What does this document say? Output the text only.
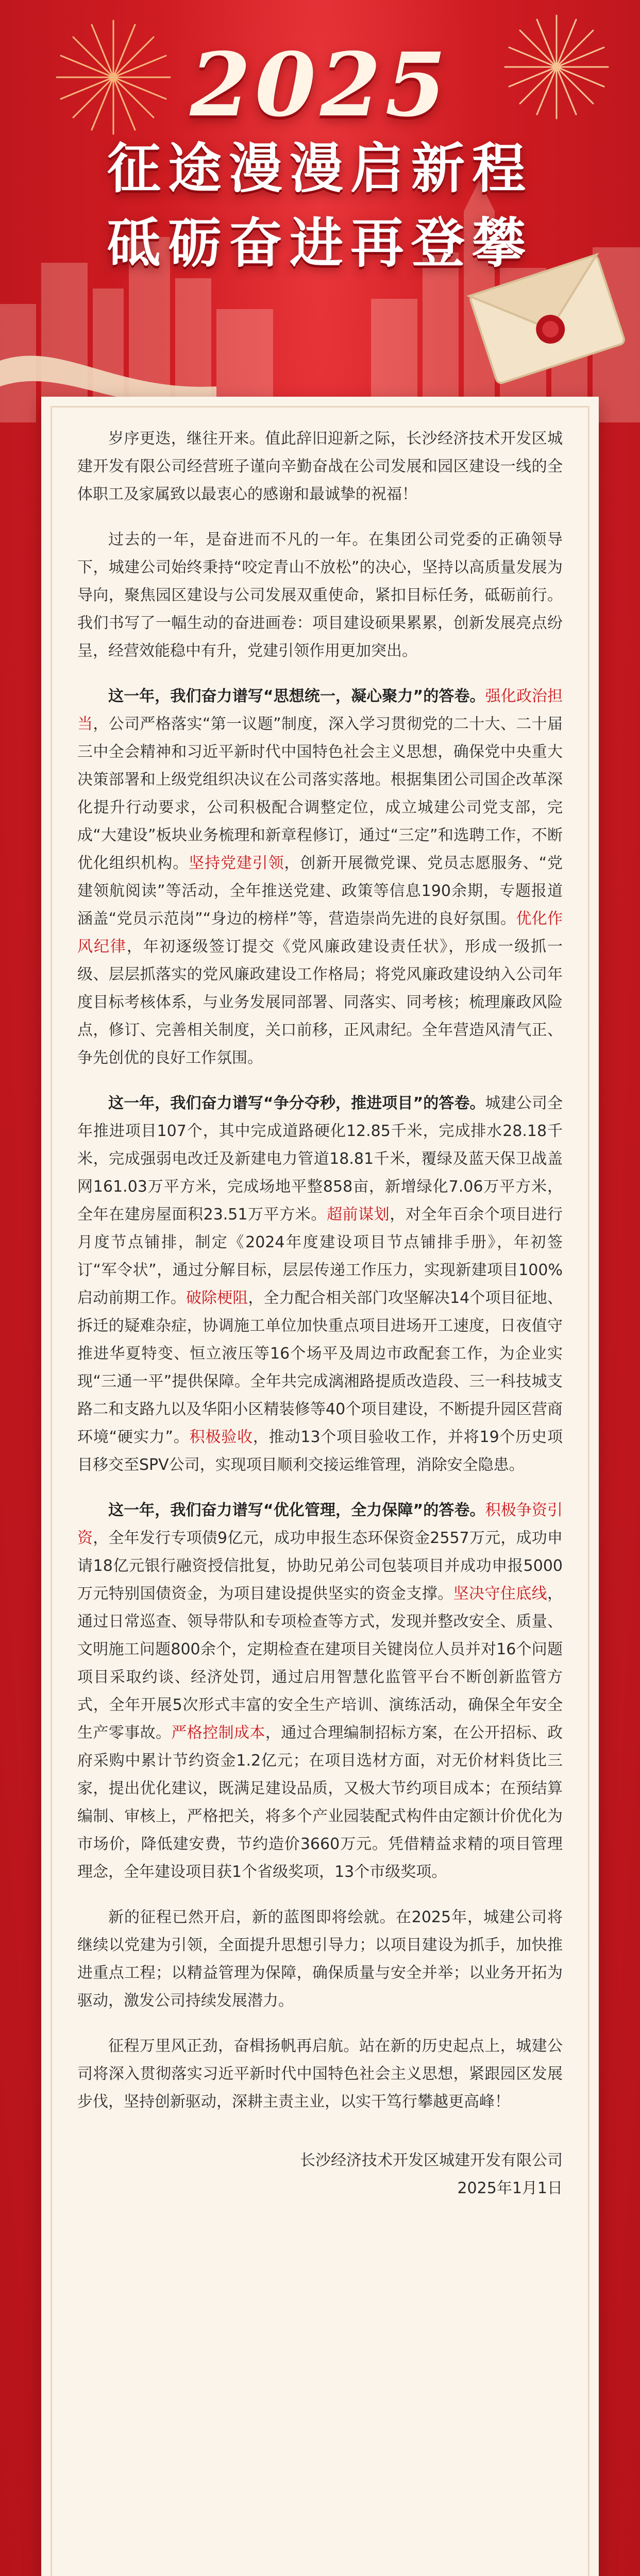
2025
征途漫漫启新程
砥砺奋进再登攀

岁序更迭，继往开来。值此辞旧迎新之际，长沙经济技术开发区城建开发有限公司经营班子谨向辛勤奋战在公司发展和园区建设一线的全体职工及家属致以最衷心的感谢和最诚挚的祝福！

过去的一年，是奋进而不凡的一年。在集团公司党委的正确领导下，城建公司始终秉持“咬定青山不放松”的决心，坚持以高质量发展为导向，聚焦园区建设与公司发展双重使命，紧扣目标任务，砥砺前行。我们书写了一幅生动的奋进画卷：项目建设硕果累累，创新发展亮点纷呈，经营效能稳中有升，党建引领作用更加突出。

这一年，我们奋力谱写“思想统一，凝心聚力”的答卷。强化政治担当，公司严格落实“第一议题”制度，深入学习贯彻党的二十大、二十届三中全会精神和习近平新时代中国特色社会主义思想，确保党中央重大决策部署和上级党组织决议在公司落实落地。根据集团公司国企改革深化提升行动要求，公司积极配合调整定位，成立城建公司党支部，完成“大建设”板块业务梳理和新章程修订，通过“三定”和选聘工作，不断优化组织机构。坚持党建引领，创新开展微党课、党员志愿服务、“党建领航阅读”等活动，全年推送党建、政策等信息190余期，专题报道涵盖“党员示范岗”“身边的榜样”等，营造崇尚先进的良好氛围。优化作风纪律，年初逐级签订提交《党风廉政建设责任状》，形成一级抓一级、层层抓落实的党风廉政建设工作格局；将党风廉政建设纳入公司年度目标考核体系，与业务发展同部署、同落实、同考核；梳理廉政风险点，修订、完善相关制度，关口前移，正风肃纪。全年营造风清气正、争先创优的良好工作氛围。

这一年，我们奋力谱写“争分夺秒，推进项目”的答卷。城建公司全年推进项目107个，其中完成道路硬化12.85千米，完成排水28.18千米，完成强弱电改迁及新建电力管道18.81千米，覆绿及蓝天保卫战盖网161.03万平方米，完成场地平整858亩，新增绿化7.06万平方米，全年在建房屋面积23.51万平方米。超前谋划，对全年百余个项目进行月度节点铺排，制定《2024年度建设项目节点铺排手册》，年初签订“军令状”，通过分解目标，层层传递工作压力，实现新建项目100%启动前期工作。破除梗阻，全力配合相关部门攻坚解决14个项目征地、拆迁的疑难杂症，协调施工单位加快重点项目进场开工速度，日夜值守推进华夏特变、恒立液压等16个场平及周边市政配套工作，为企业实现“三通一平”提供保障。全年共完成漓湘路提质改造段、三一科技城支路二和支路九以及华阳小区精装修等40个项目建设，不断提升园区营商环境“硬实力”。积极验收，推动13个项目验收工作，并将19个历史项目移交至SPV公司，实现项目顺利交接运维管理，消除安全隐患。

这一年，我们奋力谱写“优化管理，全力保障”的答卷。积极争资引资，全年发行专项债9亿元，成功申报生态环保资金2557万元，成功申请18亿元银行融资授信批复，协助兄弟公司包装项目并成功申报5000万元特别国债资金，为项目建设提供坚实的资金支撑。坚决守住底线，通过日常巡查、领导带队和专项检查等方式，发现并整改安全、质量、文明施工问题800余个，定期检查在建项目关键岗位人员并对16个问题项目采取约谈、经济处罚，通过启用智慧化监管平台不断创新监管方式，全年开展5次形式丰富的安全生产培训、演练活动，确保全年安全生产零事故。严格控制成本，通过合理编制招标方案，在公开招标、政府采购中累计节约资金1.2亿元；在项目选材方面，对无价材料货比三家，提出优化建议，既满足建设品质，又极大节约项目成本；在预结算编制、审核上，严格把关，将多个产业园装配式构件由定额计价优化为市场价，降低建安费，节约造价3660万元。凭借精益求精的项目管理理念，全年建设项目获1个省级奖项，13个市级奖项。

新的征程已然开启，新的蓝图即将绘就。在2025年，城建公司将继续以党建为引领，全面提升思想引导力；以项目建设为抓手，加快推进重点工程；以精益管理为保障，确保质量与安全并举；以业务开拓为驱动，激发公司持续发展潜力。

征程万里风正劲，奋楫扬帆再启航。站在新的历史起点上，城建公司将深入贯彻落实习近平新时代中国特色社会主义思想，紧跟园区发展步伐，坚持创新驱动，深耕主责主业，以实干笃行攀越更高峰！

长沙经济技术开发区城建开发有限公司
2025年1月1日
